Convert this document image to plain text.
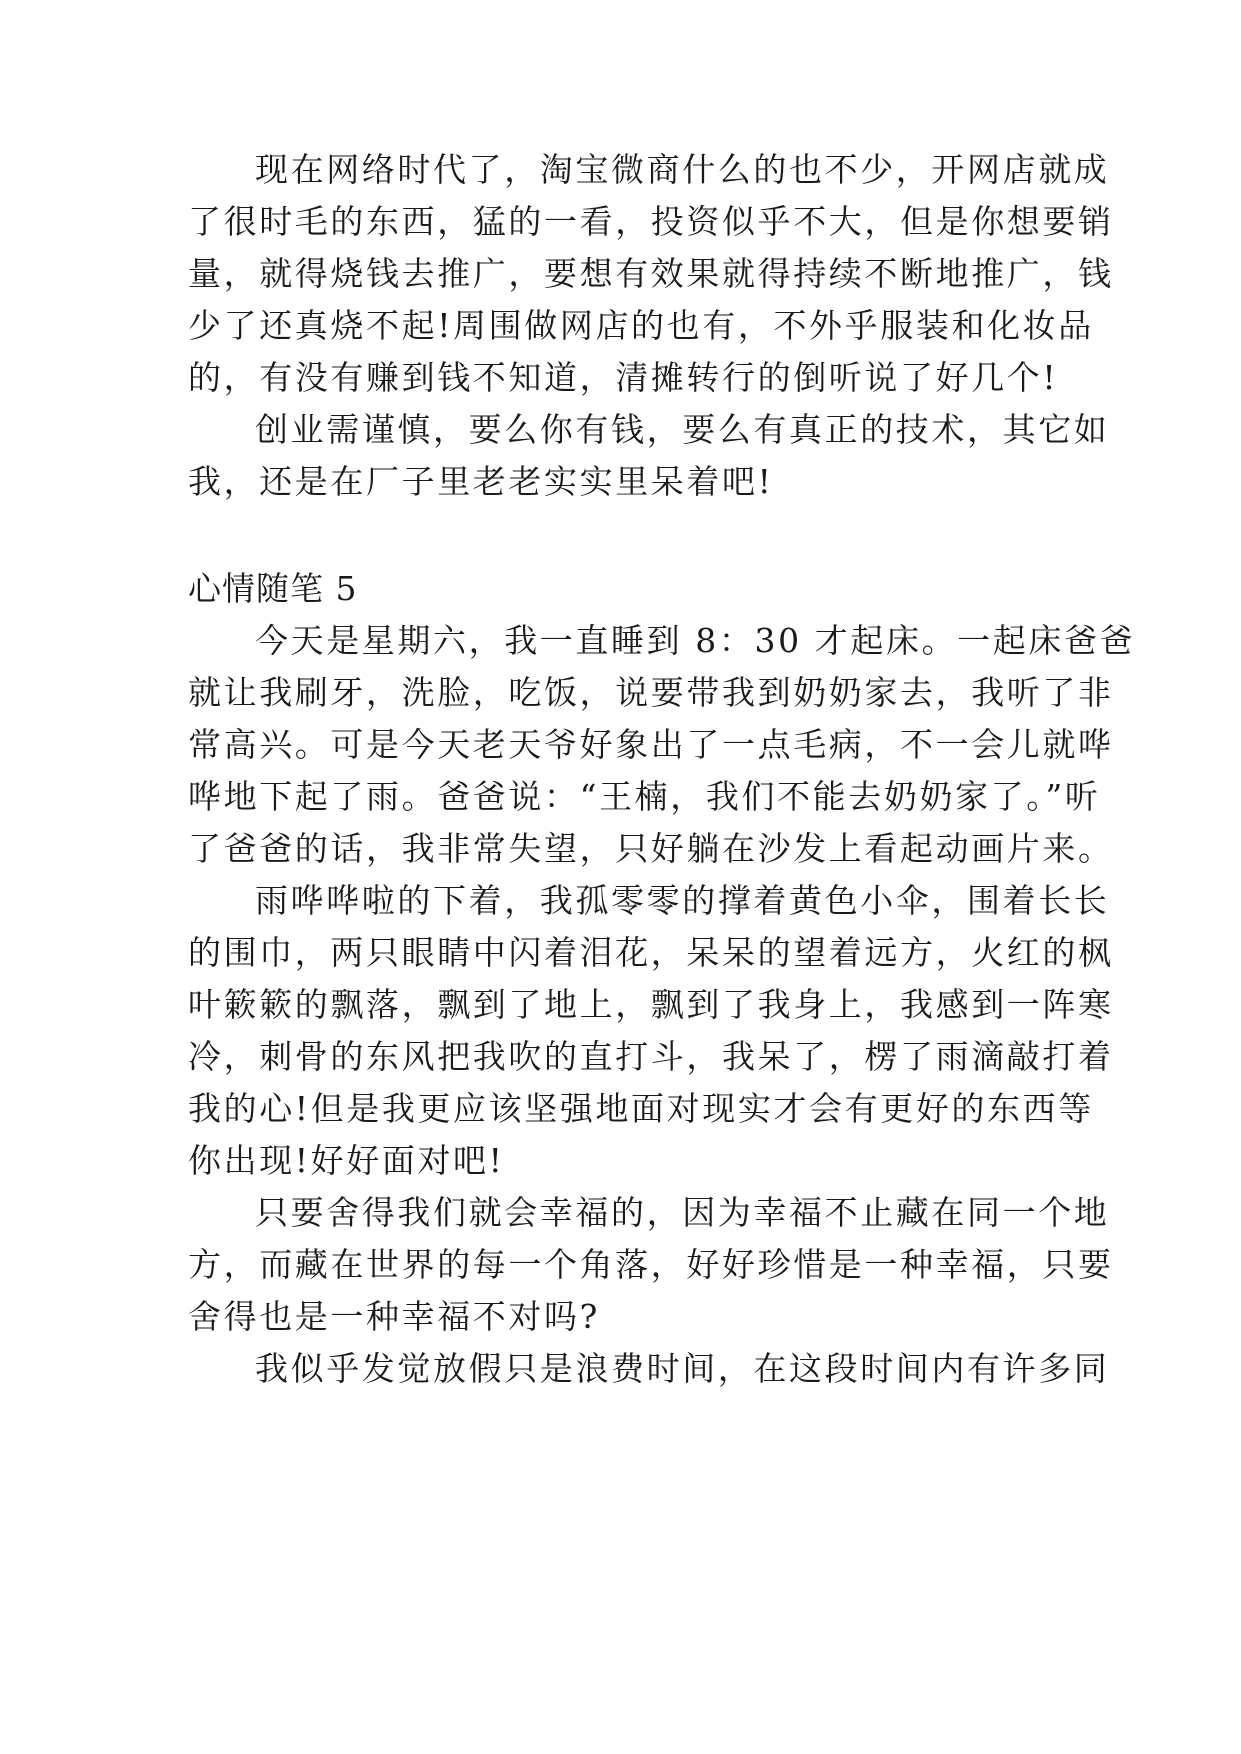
现在网络时代了，淘宝微商什么的也不少，开网店就成
了很时毛的东西，猛的一看，投资似乎不大，但是你想要销
量，就得烧钱去推广，要想有效果就得持续不断地推广，钱
少了还真烧不起!周围做网店的也有，不外乎服装和化妆品
的，有没有赚到钱不知道，清摊转行的倒听说了好几个!
创业需谨慎，要么你有钱，要么有真正的技术，其它如
我，还是在厂子里老老实实里呆着吧!
心情随笔 5
今天是星期六，我一直睡到 8：30 才起床。一起床爸爸
就让我刷牙，洗脸，吃饭，说要带我到奶奶家去，我听了非
常高兴。可是今天老天爷好象出了一点毛病，不一会儿就哗
哗地下起了雨。爸爸说：“王楠，我们不能去奶奶家了。”听
了爸爸的话，我非常失望，只好躺在沙发上看起动画片来。
雨哗哗啦的下着，我孤零零的撑着黄色小伞，围着长长
的围巾，两只眼睛中闪着泪花，呆呆的望着远方，火红的枫
叶簌簌的飘落，飘到了地上，飘到了我身上，我感到一阵寒
冷，刺骨的东风把我吹的直打斗，我呆了，楞了雨滴敲打着
我的心!但是我更应该坚强地面对现实才会有更好的东西等
你出现!好好面对吧!
只要舍得我们就会幸福的，因为幸福不止藏在同一个地
方，而藏在世界的每一个角落，好好珍惜是一种幸福，只要
舍得也是一种幸福不对吗?
我似乎发觉放假只是浪费时间，在这段时间内有许多同
